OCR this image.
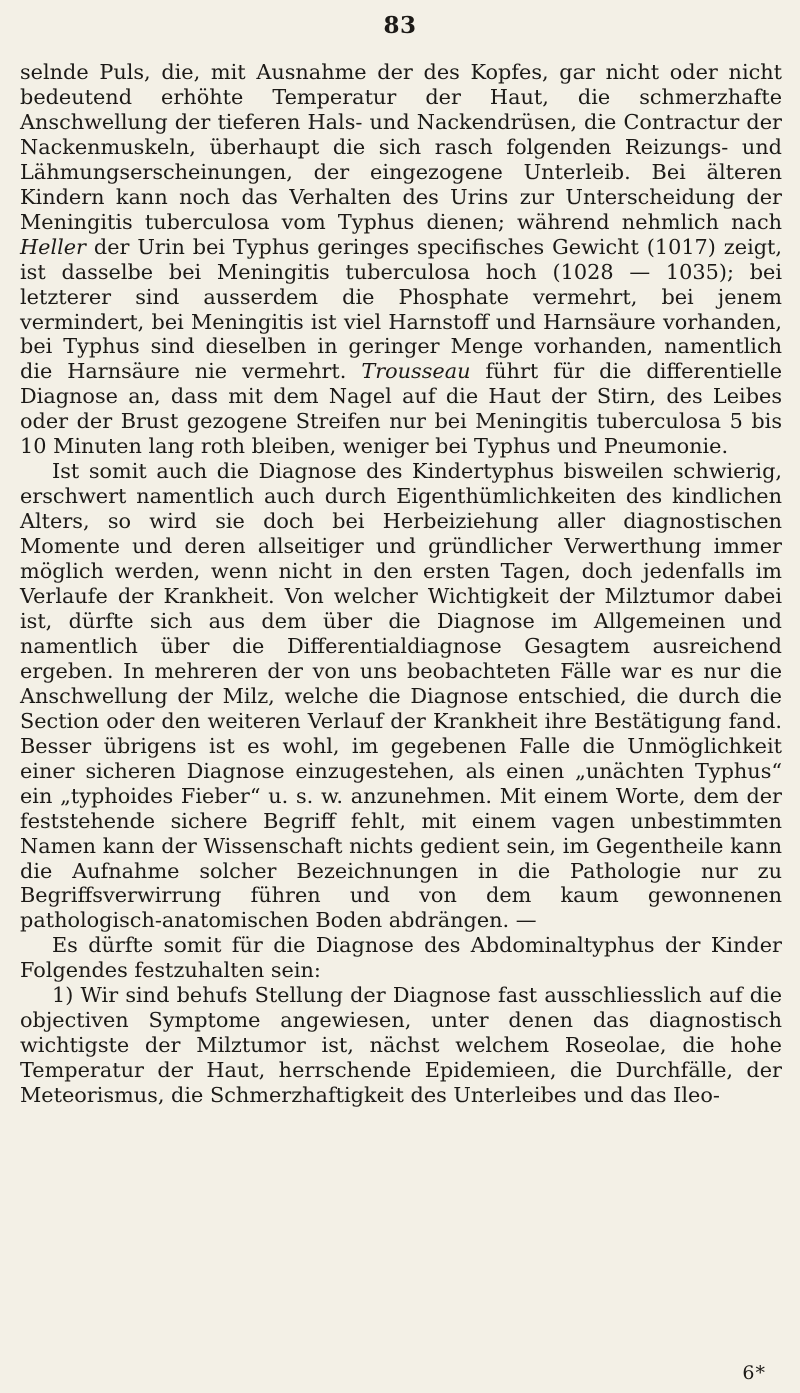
83

selnde Puls, die, mit Ausnahme der des Kopfes, gar nicht oder nicht bedeutend erhöhte Temperatur der Haut, die schmerzhafte Anschwellung der tieferen Hals- und Nackendrüsen, die Contractur der Nackenmuskeln, überhaupt die sich rasch folgenden Reizungs- und Lähmungserscheinungen, der eingezogene Unterleib. Bei älteren Kindern kann noch das Verhalten des Urins zur Unterscheidung der Meningitis tuberculosa vom Typhus dienen; während nehmlich nach Heller der Urin bei Typhus geringes specifisches Gewicht (1017) zeigt, ist dasselbe bei Meningitis tuberculosa hoch (1028 — 1035); bei letzterer sind ausserdem die Phosphate vermehrt, bei jenem vermindert, bei Meningitis ist viel Harnstoff und Harnsäure vorhanden, bei Typhus sind dieselben in geringer Menge vorhanden, namentlich die Harnsäure nie vermehrt. Trousseau führt für die differentielle Diagnose an, dass mit dem Nagel auf die Haut der Stirn, des Leibes oder der Brust gezogene Streifen nur bei Meningitis tuberculosa 5 bis 10 Minuten lang roth bleiben, weniger bei Typhus und Pneumonie.

Ist somit auch die Diagnose des Kindertyphus bisweilen schwierig, erschwert namentlich auch durch Eigenthümlichkeiten des kindlichen Alters, so wird sie doch bei Herbeiziehung aller diagnostischen Momente und deren allseitiger und gründlicher Verwerthung immer möglich werden, wenn nicht in den ersten Tagen, doch jedenfalls im Verlaufe der Krankheit. Von welcher Wichtigkeit der Milztumor dabei ist, dürfte sich aus dem über die Diagnose im Allgemeinen und namentlich über die Differentialdiagnose Gesagtem ausreichend ergeben. In mehreren der von uns beobachteten Fälle war es nur die Anschwellung der Milz, welche die Diagnose entschied, die durch die Section oder den weiteren Verlauf der Krankheit ihre Bestätigung fand. Besser übrigens ist es wohl, im gegebenen Falle die Unmöglichkeit einer sicheren Diagnose einzugestehen, als einen „unächten Typhus“ ein „typhoides Fieber“ u. s. w. anzunehmen. Mit einem Worte, dem der feststehende sichere Begriff fehlt, mit einem vagen unbestimmten Namen kann der Wissenschaft nichts gedient sein, im Gegentheile kann die Aufnahme solcher Bezeichnungen in die Pathologie nur zu Begriffsverwirrung führen und von dem kaum gewonnenen pathologisch-anatomischen Boden abdrängen. —

Es dürfte somit für die Diagnose des Abdominaltyphus der Kinder Folgendes festzuhalten sein:

1) Wir sind behufs Stellung der Diagnose fast ausschliesslich auf die objectiven Symptome angewiesen, unter denen das diagnostisch wichtigste der Milztumor ist, nächst welchem Roseolae, die hohe Temperatur der Haut, herrschende Epidemieen, die Durchfälle, der Meteorismus, die Schmerzhaftigkeit des Unterleibes und das Ileo-

6*
